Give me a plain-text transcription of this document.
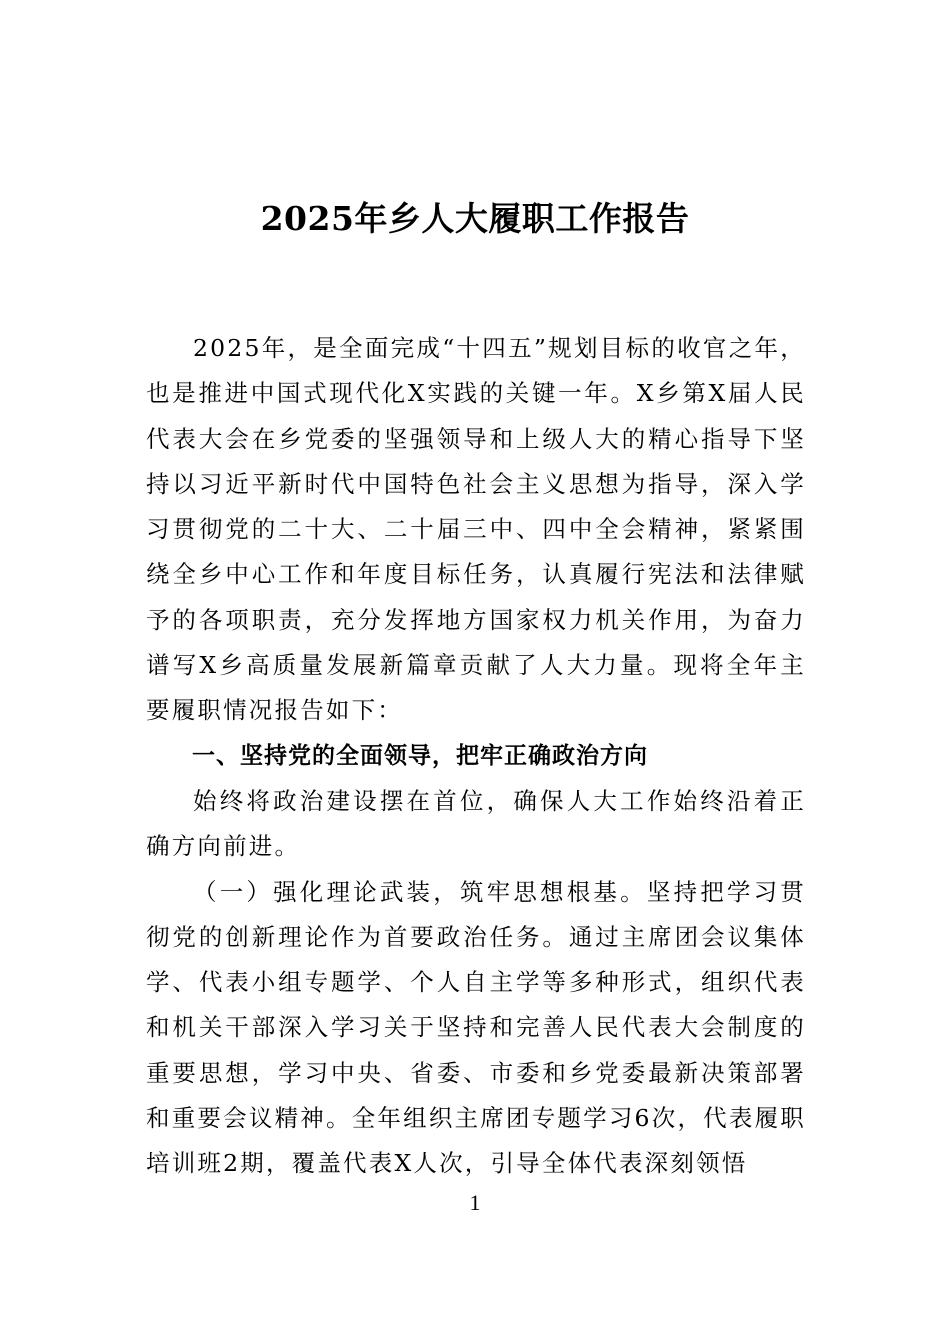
2025年乡人大履职工作报告

2025年，是全面完成“十四五”规划目标的收官之年，也是推进中国式现代化X实践的关键一年。X乡第X届人民代表大会在乡党委的坚强领导和上级人大的精心指导下坚持以习近平新时代中国特色社会主义思想为指导，深入学习贯彻党的二十大、二十届三中、四中全会精神，紧紧围绕全乡中心工作和年度目标任务，认真履行宪法和法律赋予的各项职责，充分发挥地方国家权力机关作用，为奋力谱写X乡高质量发展新篇章贡献了人大力量。现将全年主要履职情况报告如下：

一、坚持党的全面领导，把牢正确政治方向

始终将政治建设摆在首位，确保人大工作始终沿着正确方向前进。

（一）强化理论武装，筑牢思想根基。坚持把学习贯彻党的创新理论作为首要政治任务。通过主席团会议集体学、代表小组专题学、个人自主学等多种形式，组织代表和机关干部深入学习关于坚持和完善人民代表大会制度的重要思想，学习中央、省委、市委和乡党委最新决策部署和重要会议精神。全年组织主席团专题学习6次，代表履职培训班2期，覆盖代表X人次，引导全体代表深刻领悟

1
